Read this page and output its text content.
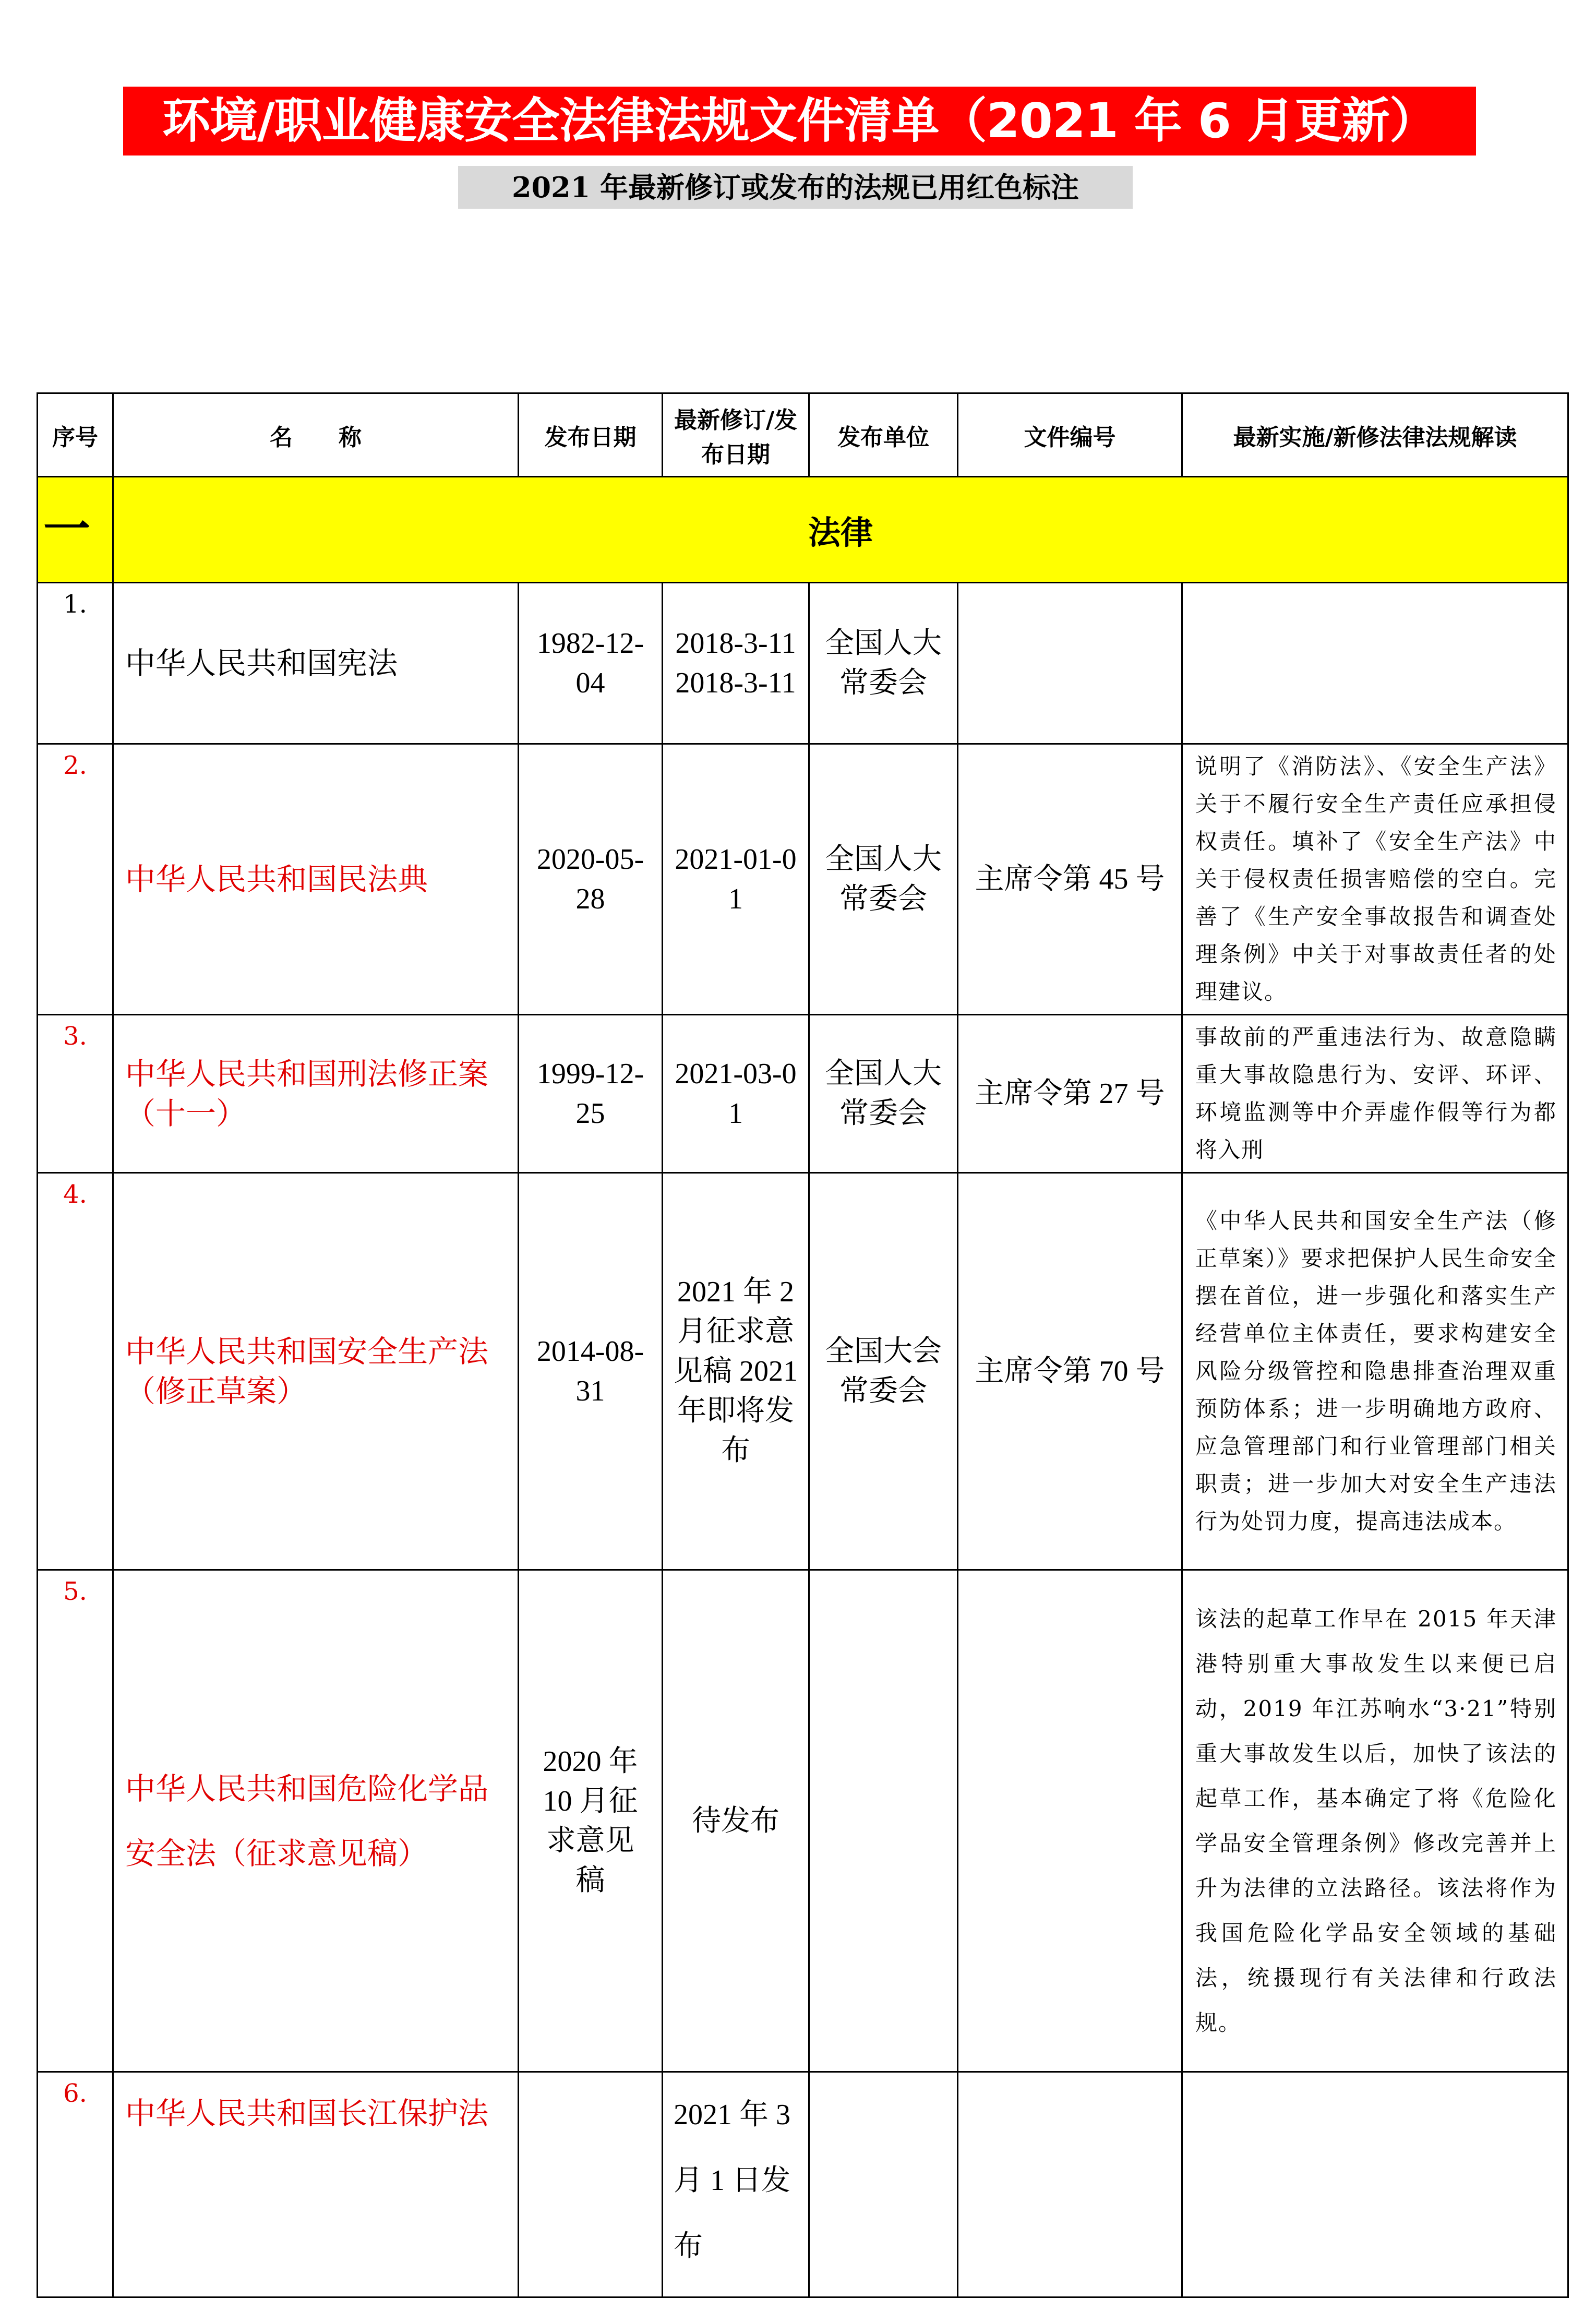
环境/职业健康安全法律法规文件清单（2021 年 6 月更新）
2021 年最新修订或发布的法规已用红色标注
序号	名　　称	发布日期	最新修订/发布日期	发布单位	文件编号	最新实施/新修法律法规解读
一	法律					
1.	中华人民共和国宪法	1982-12-04	2018-3-11 2018-3-11	全国人大常委会		
2.	中华人民共和国民法典	2020-05-28	2021-01-01	全国人大常委会	主席令第 45 号	说明了《消防法》、《安全生产法》关于不履行安全生产责任应承担侵权责任。填补了《安全生产法》中关于侵权责任损害赔偿的空白。完善了《生产安全事故报告和调查处理条例》中关于对事故责任者的处理建议。
3.	中华人民共和国刑法修正案（十一）	1999-12-25	2021-03-01	全国人大常委会	主席令第 27 号	事故前的严重违法行为、故意隐瞒重大事故隐患行为、安评、环评、环境监测等中介弄虚作假等行为都将入刑
4.	中华人民共和国安全生产法（修正草案）	2014-08-31	2021 年 2 月征求意见稿 2021 年即将发布	全国大会常委会	主席令第 70 号	《中华人民共和国安全生产法（修正草案）》要求把保护人民生命安全摆在首位，进一步强化和落实生产经营单位主体责任，要求构建安全风险分级管控和隐患排查治理双重预防体系；进一步明确地方政府、应急管理部门和行业管理部门相关职责；进一步加大对安全生产违法行为处罚力度，提高违法成本。
5.	中华人民共和国危险化学品安全法（征求意见稿）	2020 年 10 月征求意见稿	待发布			该法的起草工作早在 2015 年天津港特别重大事故发生以来便已启动，2019 年江苏响水“3·21”特别重大事故发生以后，加快了该法的起草工作，基本确定了将《危险化学品安全管理条例》修改完善并上升为法律的立法路径。该法将作为我国危险化学品安全领域的基础法，统摄现行有关法律和行政法规。
6.	中华人民共和国长江保护法		2021 年 3 月 1 日发布			
